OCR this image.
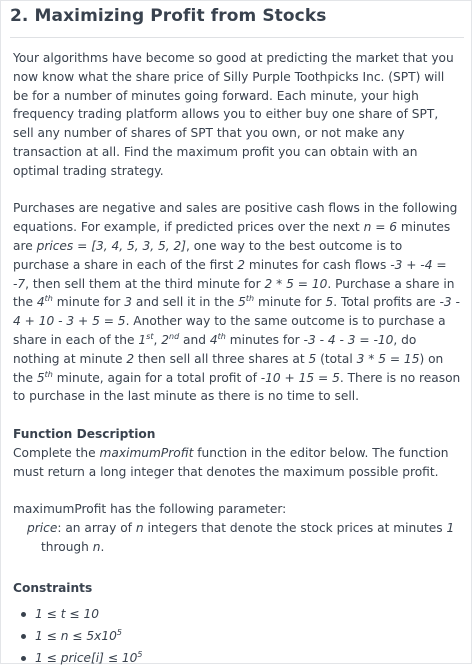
2. Maximizing Profit from Stocks

Your algorithms have become so good at predicting the market that you now know what the share price of Silly Purple Toothpicks Inc. (SPT) will be for a number of minutes going forward. Each minute, your high frequency trading platform allows you to either buy one share of SPT, sell any number of shares of SPT that you own, or not make any transaction at all. Find the maximum profit you can obtain with an optimal trading strategy.

Purchases are negative and sales are positive cash flows in the following equations. For example, if predicted prices over the next n = 6 minutes are prices = [3, 4, 5, 3, 5, 2], one way to the best outcome is to purchase a share in each of the first 2 minutes for cash flows -3 + -4 = -7, then sell them at the third minute for 2 * 5 = 10. Purchase a share in the 4th minute for 3 and sell it in the 5th minute for 5. Total profits are -3 - 4 + 10 - 3 + 5 = 5. Another way to the same outcome is to purchase a share in each of the 1st, 2nd and 4th minutes for -3 - 4 - 3 = -10, do nothing at minute 2 then sell all three shares at 5 (total 3 * 5 = 15) on the 5th minute, again for a total profit of -10 + 15 = 5. There is no reason to purchase in the last minute as there is no time to sell.

Function Description

Complete the maximumProfit function in the editor below. The function must return a long integer that denotes the maximum possible profit.

maximumProfit has the following parameter:

price: an array of n integers that denote the stock prices at minutes 1 through n.

Constraints

1 ≤ t ≤ 10
$1 \le n \le 5x10^5$
1 ≤ price[i] ≤ $10^5$
